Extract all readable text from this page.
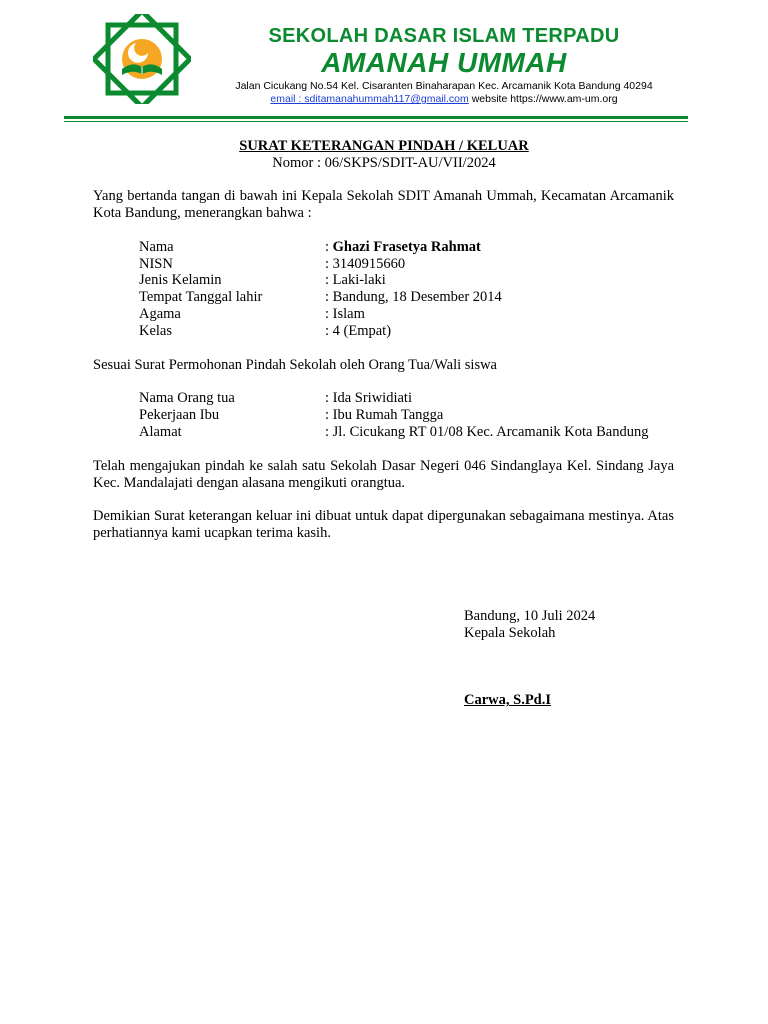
SEKOLAH DASAR ISLAM TERPADU
AMANAH UMMAH
Jalan Cicukang No.54 Kel. Cisaranten Binaharapan Kec. Arcamanik Kota Bandung 40294
email : sditamanahummah117@gmail.com website https://www.am-um.org
SURAT KETERANGAN PINDAH / KELUAR
Nomor : 06/SKPS/SDIT-AU/VII/2024
Yang bertanda tangan di bawah ini Kepala Sekolah SDIT Amanah Ummah, Kecamatan Arcamanik Kota Bandung, menerangkan bahwa :
Nama	: Ghazi Frasetya Rahmat
NISN	: 3140915660
Jenis Kelamin	: Laki-laki
Tempat Tanggal lahir	: Bandung, 18 Desember 2014
Agama	: Islam
Kelas	: 4 (Empat)
Sesuai Surat Permohonan Pindah Sekolah oleh Orang Tua/Wali siswa
Nama Orang tua	: Ida Sriwidiati
Pekerjaan Ibu	: Ibu Rumah Tangga
Alamat	: Jl. Cicukang RT 01/08 Kec. Arcamanik Kota Bandung
Telah mengajukan pindah ke salah satu Sekolah Dasar Negeri 046 Sindanglaya Kel. Sindang Jaya Kec. Mandalajati dengan alasana mengikuti orangtua.
Demikian Surat keterangan keluar ini dibuat untuk dapat dipergunakan sebagaimana mestinya. Atas perhatiannya kami ucapkan terima kasih.
Bandung, 10 Juli 2024
Kepala Sekolah
Carwa, S.Pd.I
